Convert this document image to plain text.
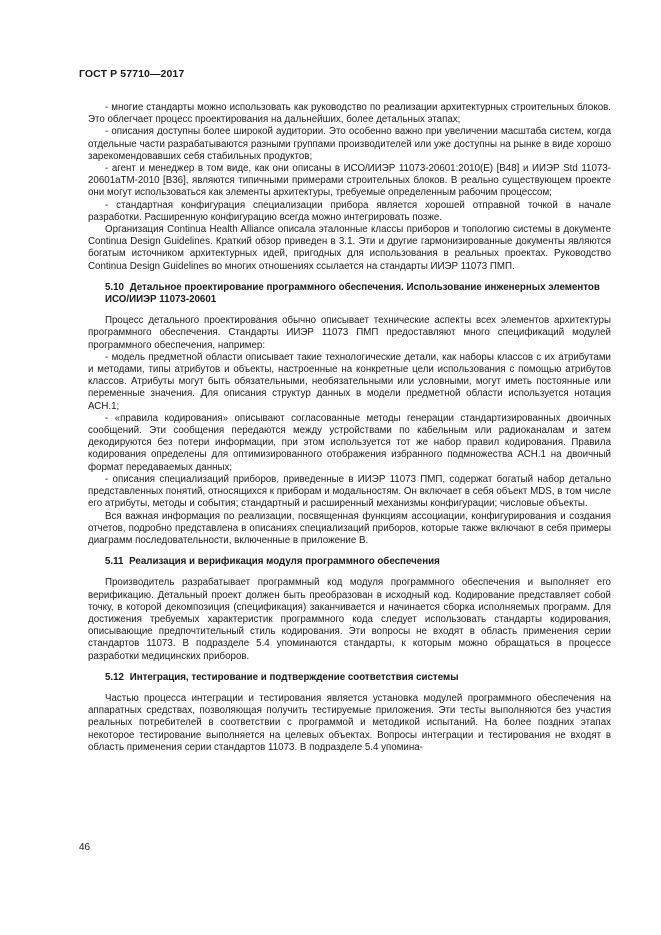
ГОСТ Р 57710—2017

- многие стандарты можно использовать как руководство по реализации архитектурных строительных блоков. Это облегчает процесс проектирования на дальнейших, более детальных этапах;

- описания доступны более широкой аудитории. Это особенно важно при увеличении масштаба систем, когда отдельные части разрабатываются разными группами производителей или уже доступны на рынке в виде хорошо зарекомендовавших себя стабильных продуктов;

- агент и менеджер в том виде, как они описаны в ИСО/ИИЭР 11073-20601:2010(E) [B48] и ИИЭР Std 11073-20601aTM-2010 [B36], являются типичными примерами строительных блоков. В реально существующем проекте они могут использоваться как элементы архитектуры, требуемые определенным рабочим процессом;

- стандартная конфигурация специализации прибора является хорошей отправной точкой в начале разработки. Расширенную конфигурацию всегда можно интегрировать позже.

Организация Continua Health Alliance описала эталонные классы приборов и топологию системы в документе Continua Design Guidelines. Краткий обзор приведен в 3.1. Эти и другие гармонизированные документы являются богатым источником архитектурных идей, пригодных для использования в реальных проектах. Руководство Continua Design Guidelines во многих отношениях ссылается на стандарты ИИЭР 11073 ПМП.

5.10 Детальное проектирование программного обеспечения. Использование инженерных элементов ИСО/ИИЭР 11073-20601

Процесс детального проектирования обычно описывает технические аспекты всех элементов архитектуры программного обеспечения. Стандарты ИИЭР 11073 ПМП предоставляют много спецификаций модулей программного обеспечения, например:

- модель предметной области описывает такие технологические детали, как наборы классов с их атрибутами и методами, типы атрибутов и объекты, настроенные на конкретные цели использования с помощью атрибутов классов. Атрибуты могут быть обязательными, необязательными или условными, могут иметь постоянные или переменные значения. Для описания структур данных в модели предметной области используется нотация АСН.1;

- «правила кодирования» описывают согласованные методы генерации стандартизированных двоичных сообщений. Эти сообщения передаются между устройствами по кабельным или радиоканалам и затем декодируются без потери информации, при этом используется тот же набор правил кодирования. Правила кодирования определены для оптимизированного отображения избранного подмножества АСН.1 на двоичный формат передаваемых данных;

- описания специализаций приборов, приведенные в ИИЭР 11073 ПМП, содержат богатый набор детально представленных понятий, относящихся к приборам и модальностям. Он включает в себя объект MDS, в том числе его атрибуты, методы и события; стандартный и расширенный механизмы конфигурации; числовые объекты.

Вся важная информация по реализации, посвященная функциям ассоциации, конфигурирования и создания отчетов, подробно представлена в описаниях специализаций приборов, которые также включают в себя примеры диаграмм последовательности, включенные в приложение В.

5.11 Реализация и верификация модуля программного обеспечения

Производитель разрабатывает программный код модуля программного обеспечения и выполняет его верификацию. Детальный проект должен быть преобразован в исходный код. Кодирование представляет собой точку, в которой декомпозиция (спецификация) заканчивается и начинается сборка исполняемых программ. Для достижения требуемых характеристик программного кода следует использовать стандарты кодирования, описывающие предпочтительный стиль кодирования. Эти вопросы не входят в область применения серии стандартов 11073. В подразделе 5.4 упоминаются стандарты, к которым можно обращаться в процессе разработки медицинских приборов.

5.12 Интеграция, тестирование и подтверждение соответствия системы

Частью процесса интеграции и тестирования является установка модулей программного обеспечения на аппаратных средствах, позволяющая получить тестируемые приложения. Эти тесты выполняются без участия реальных потребителей в соответствии с программой и методикой испытаний. На более поздних этапах некоторое тестирование выполняется на целевых объектах. Вопросы интеграции и тестирования не входят в область применения серии стандартов 11073. В подразделе 5.4 упомина-

46
